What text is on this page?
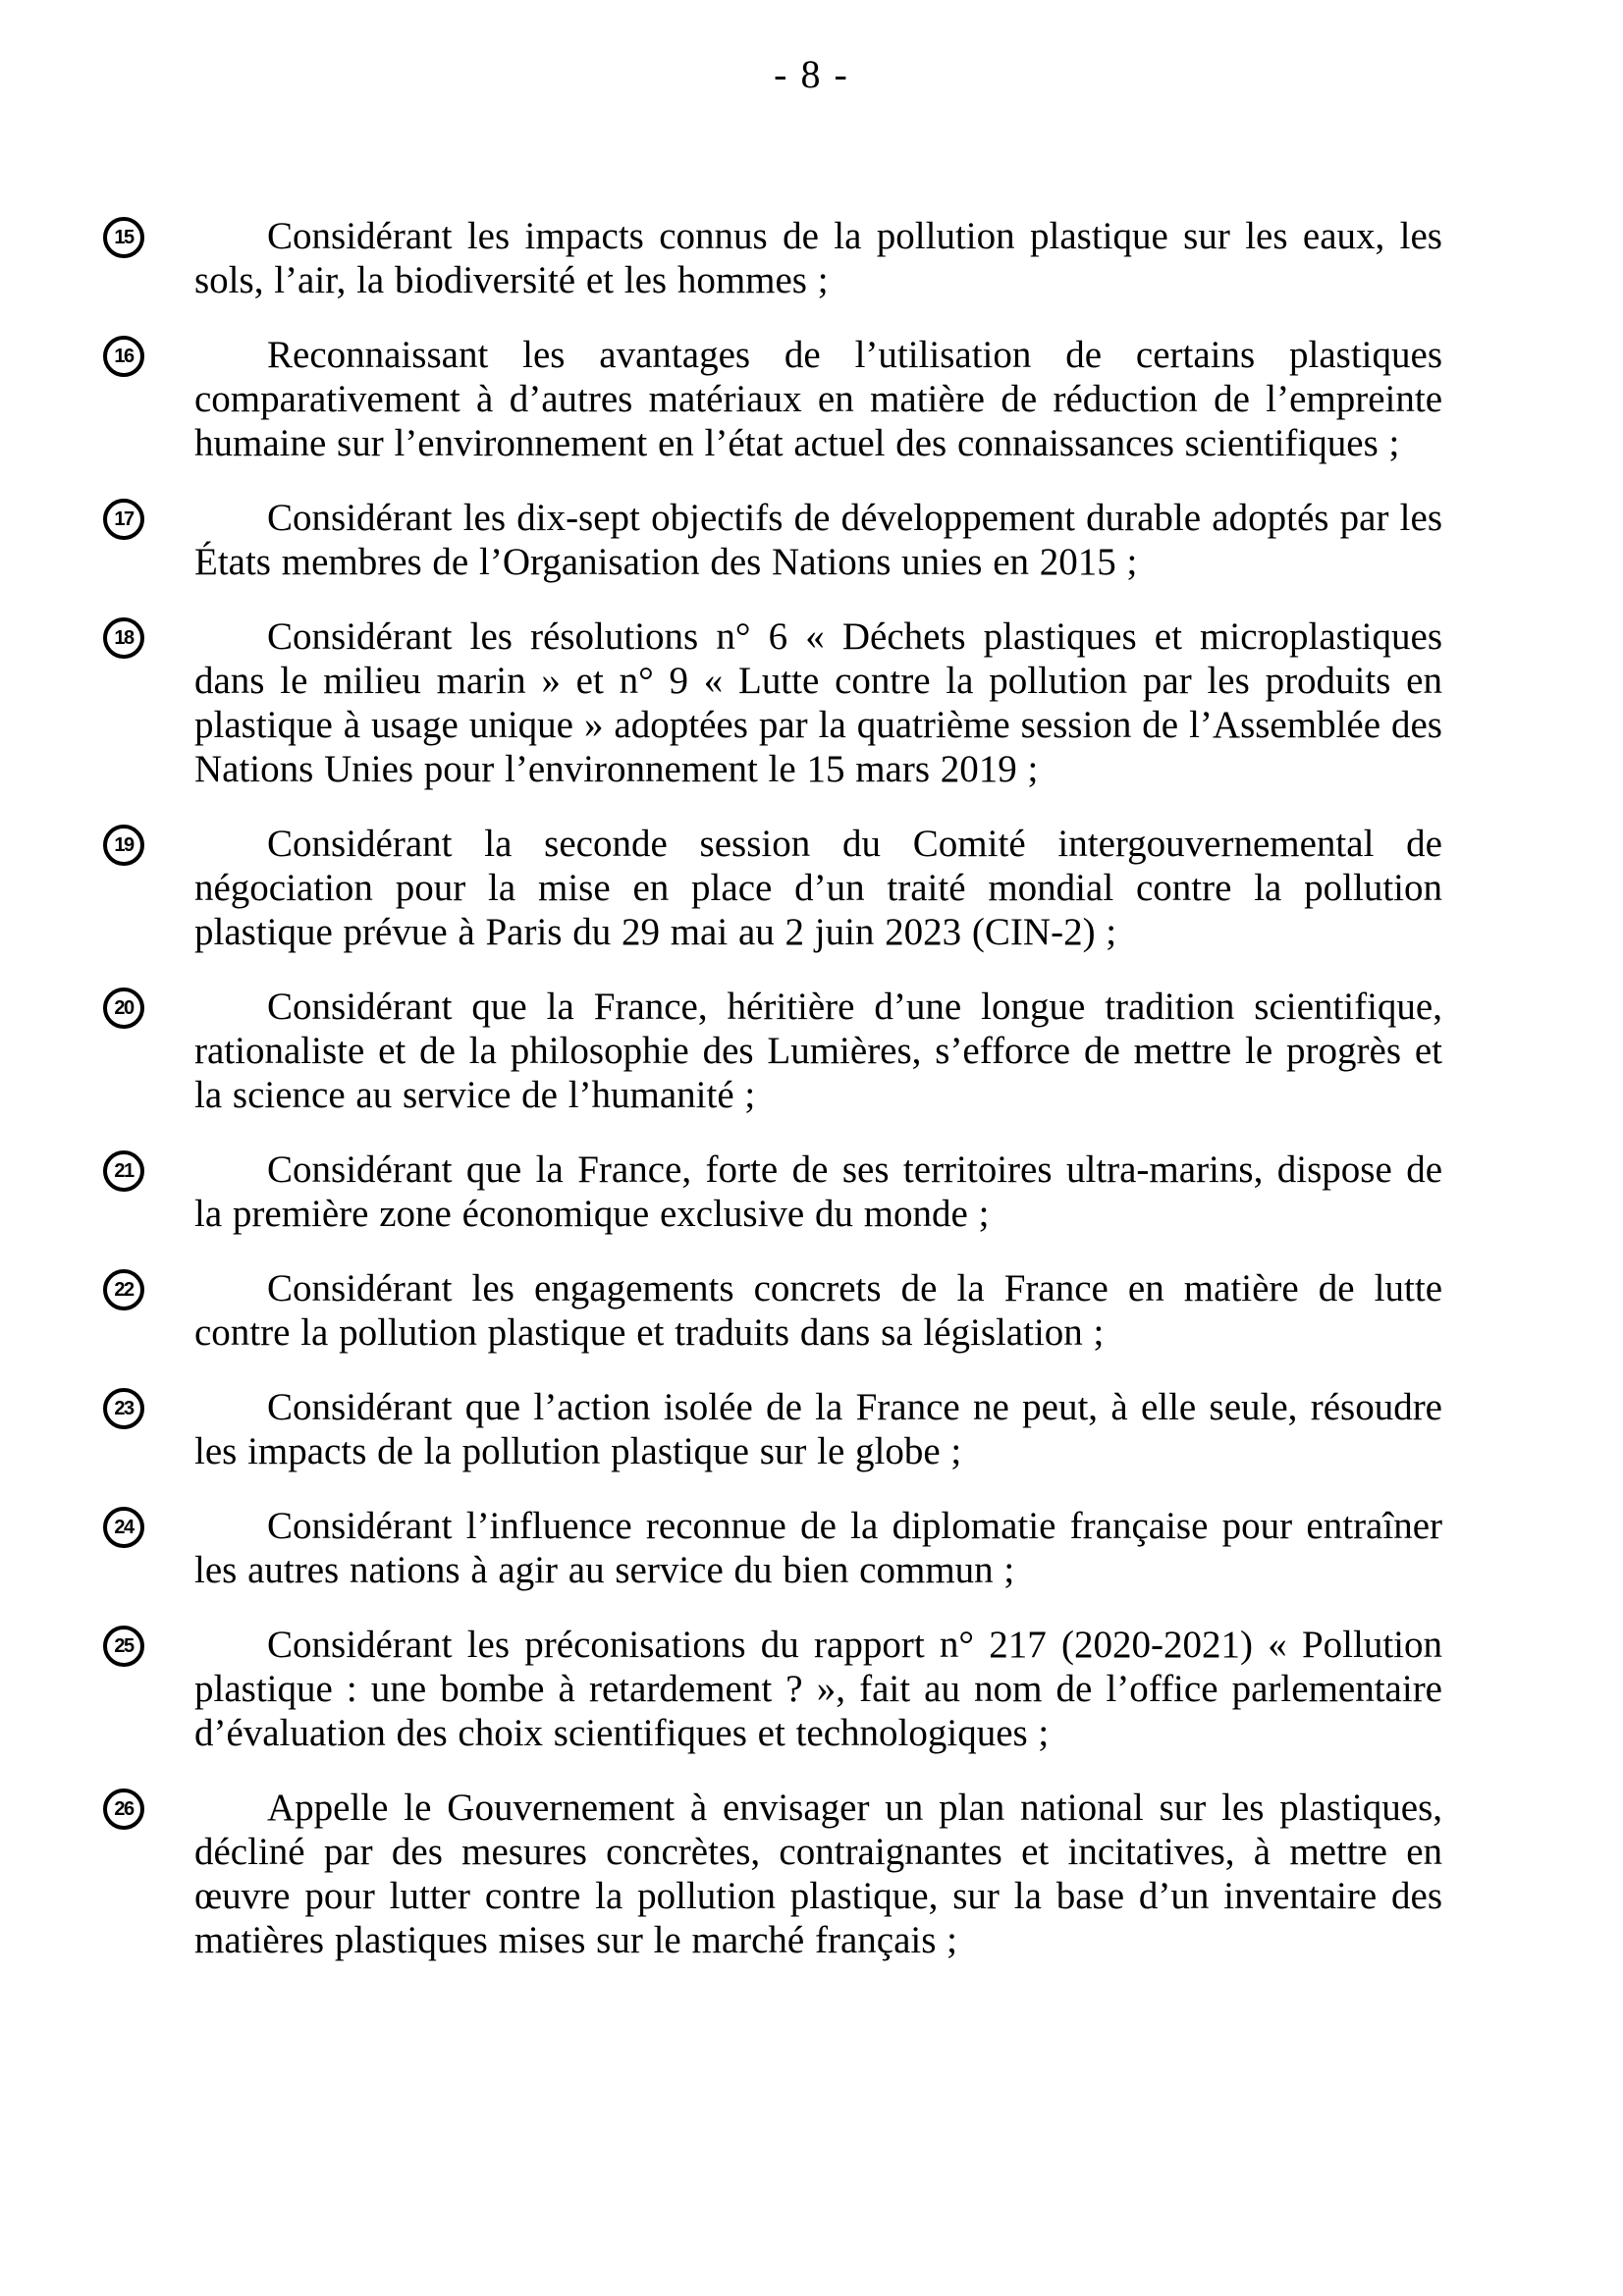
- 8 -
15	Considérant les impacts connus de la pollution plastique sur les eaux, les sols, l’air, la biodiversité et les hommes ;

16	Reconnaissant les avantages de l’utilisation de certains plastiques comparativement à d’autres matériaux en matière de réduction de l’empreinte humaine sur l’environnement en l’état actuel des connaissances scientifiques ;

17	Considérant les dix-sept objectifs de développement durable adoptés par les États membres de l’Organisation des Nations unies en 2015 ;

18	Considérant les résolutions n° 6 « Déchets plastiques et microplastiques dans le milieu marin » et n° 9 « Lutte contre la pollution par les produits en plastique à usage unique » adoptées par la quatrième session de l’Assemblée des Nations Unies pour l’environnement le 15 mars 2019 ;

19	Considérant la seconde session du Comité intergouvernemental de négociation pour la mise en place d’un traité mondial contre la pollution plastique prévue à Paris du 29 mai au 2 juin 2023 (CIN-2) ;

20	Considérant que la France, héritière d’une longue tradition scientifique, rationaliste et de la philosophie des Lumières, s’efforce de mettre le progrès et la science au service de l’humanité ;

21	Considérant que la France, forte de ses territoires ultra-marins, dispose de la première zone économique exclusive du monde ;

22	Considérant les engagements concrets de la France en matière de lutte contre la pollution plastique et traduits dans sa législation ;

23	Considérant que l’action isolée de la France ne peut, à elle seule, résoudre les impacts de la pollution plastique sur le globe ;

24	Considérant l’influence reconnue de la diplomatie française pour entraîner les autres nations à agir au service du bien commun ;

25	Considérant les préconisations du rapport n° 217 (2020-2021) « Pollution plastique : une bombe à retardement ? », fait au nom de l’office parlementaire d’évaluation des choix scientifiques et technologiques ;

26	Appelle le Gouvernement à envisager un plan national sur les plastiques, décliné par des mesures concrètes, contraignantes et incitatives, à mettre en œuvre pour lutter contre la pollution plastique, sur la base d’un inventaire des matières plastiques mises sur le marché français ;
